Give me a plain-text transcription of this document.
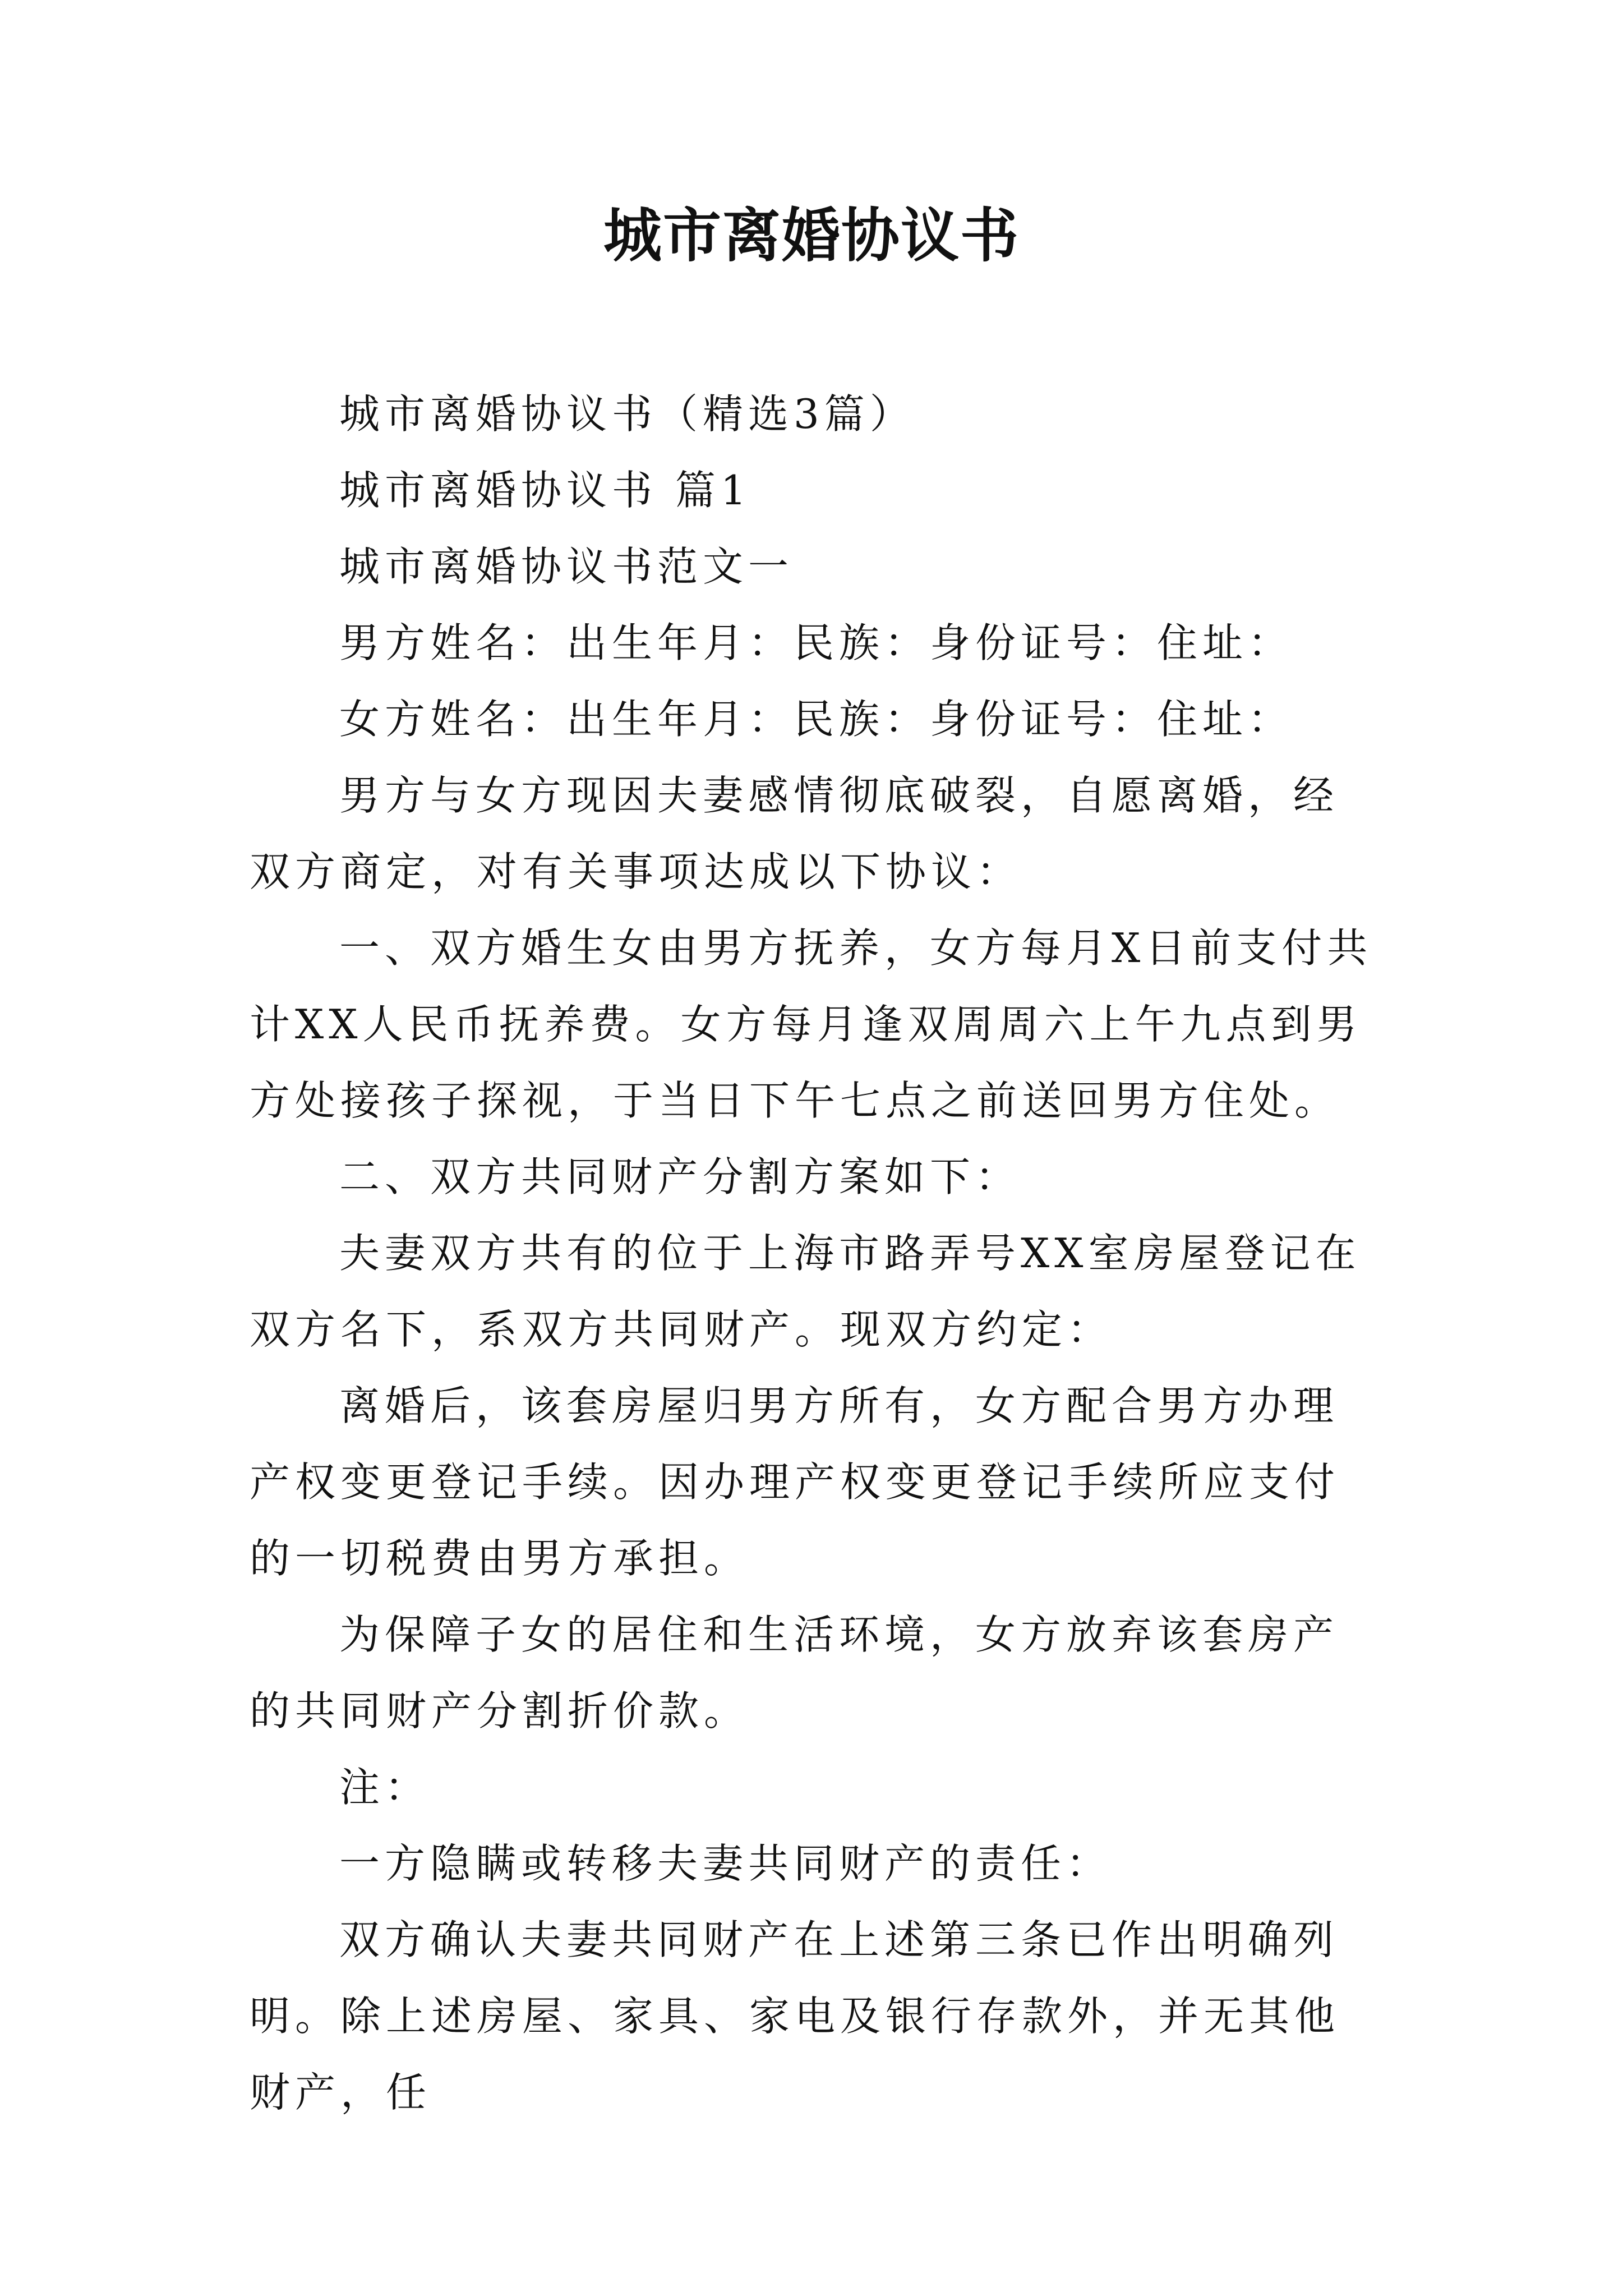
城市离婚协议书

城市离婚协议书（精选3篇）

城市离婚协议书 篇1

城市离婚协议书范文一

男方姓名：出生年月：民族：身份证号：住址：

女方姓名：出生年月：民族：身份证号：住址：

男方与女方现因夫妻感情彻底破裂，自愿离婚，经双方商定，对有关事项达成以下协议：

一、双方婚生女由男方抚养，女方每月X日前支付共计XX人民币抚养费。女方每月逢双周周六上午九点到男方处接孩子探视，于当日下午七点之前送回男方住处。

二、双方共同财产分割方案如下：

夫妻双方共有的位于上海市路弄号XX室房屋登记在双方名下，系双方共同财产。现双方约定：

离婚后，该套房屋归男方所有，女方配合男方办理产权变更登记手续。因办理产权变更登记手续所应支付的一切税费由男方承担。

为保障子女的居住和生活环境，女方放弃该套房产的共同财产分割折价款。

注：

一方隐瞒或转移夫妻共同财产的责任：

双方确认夫妻共同财产在上述第三条已作出明确列明。除上述房屋、家具、家电及银行存款外，并无其他财产，任
